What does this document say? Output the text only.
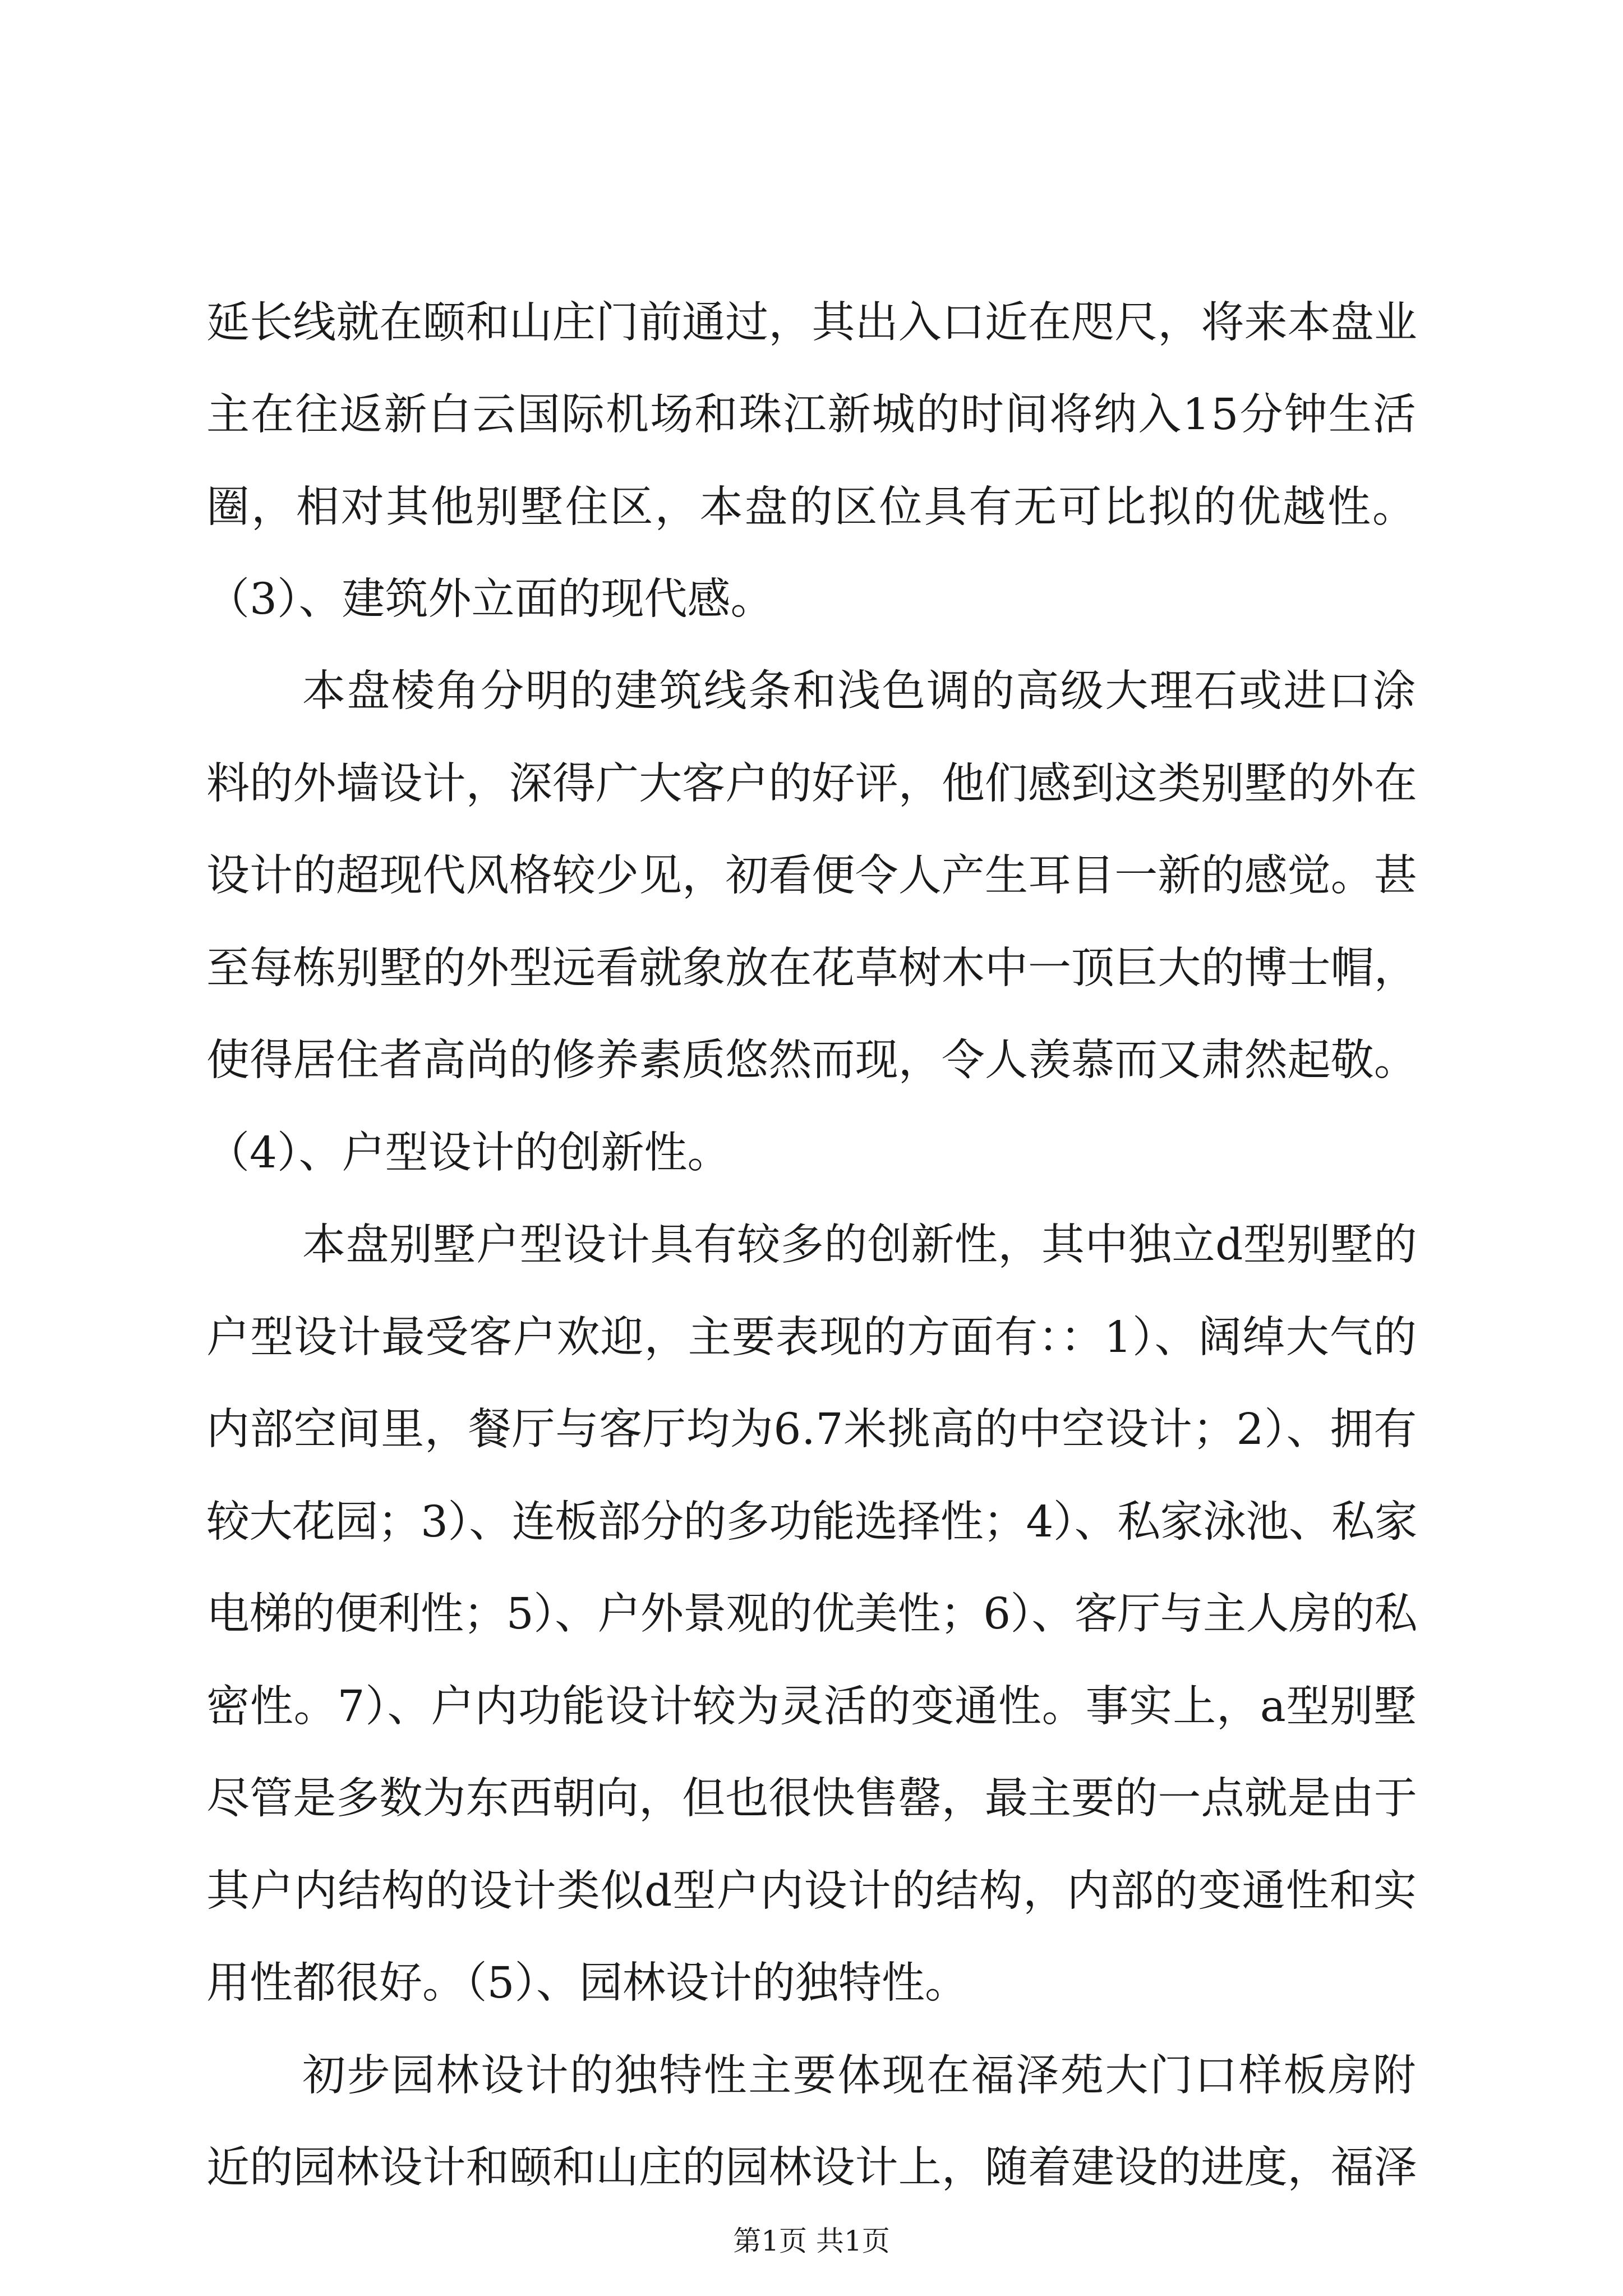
延长线就在颐和山庄门前通过，其出入口近在咫尺，将来本盘业
主在往返新白云国际机场和珠江新城的时间将纳入15分钟生活
圈，相对其他别墅住区，本盘的区位具有无可比拟的优越性。
（3）、建筑外立面的现代感。
本盘棱角分明的建筑线条和浅色调的高级大理石或进口涂
料的外墙设计，深得广大客户的好评，他们感到这类别墅的外在
设计的超现代风格较少见，初看便令人产生耳目一新的感觉。甚
至每栋别墅的外型远看就象放在花草树木中一顶巨大的博士帽，
使得居住者高尚的修养素质悠然而现，令人羡慕而又肃然起敬。
（4）、户型设计的创新性。
本盘别墅户型设计具有较多的创新性，其中独立d型别墅的
户型设计最受客户欢迎，主要表现的方面有：：1）、阔绰大气的
内部空间里，餐厅与客厅均为6.7米挑高的中空设计；2）、拥有
较大花园；3）、连板部分的多功能选择性；4）、私家泳池、私家
电梯的便利性；5）、户外景观的优美性；6）、客厅与主人房的私
密性。7）、户内功能设计较为灵活的变通性。事实上，a型别墅
尽管是多数为东西朝向，但也很快售罄，最主要的一点就是由于
其户内结构的设计类似d型户内设计的结构，内部的变通性和实
用性都很好。（5）、园林设计的独特性。
初步园林设计的独特性主要体现在福泽苑大门口样板房附
近的园林设计和颐和山庄的园林设计上，随着建设的进度，福泽
第1页 共1页
